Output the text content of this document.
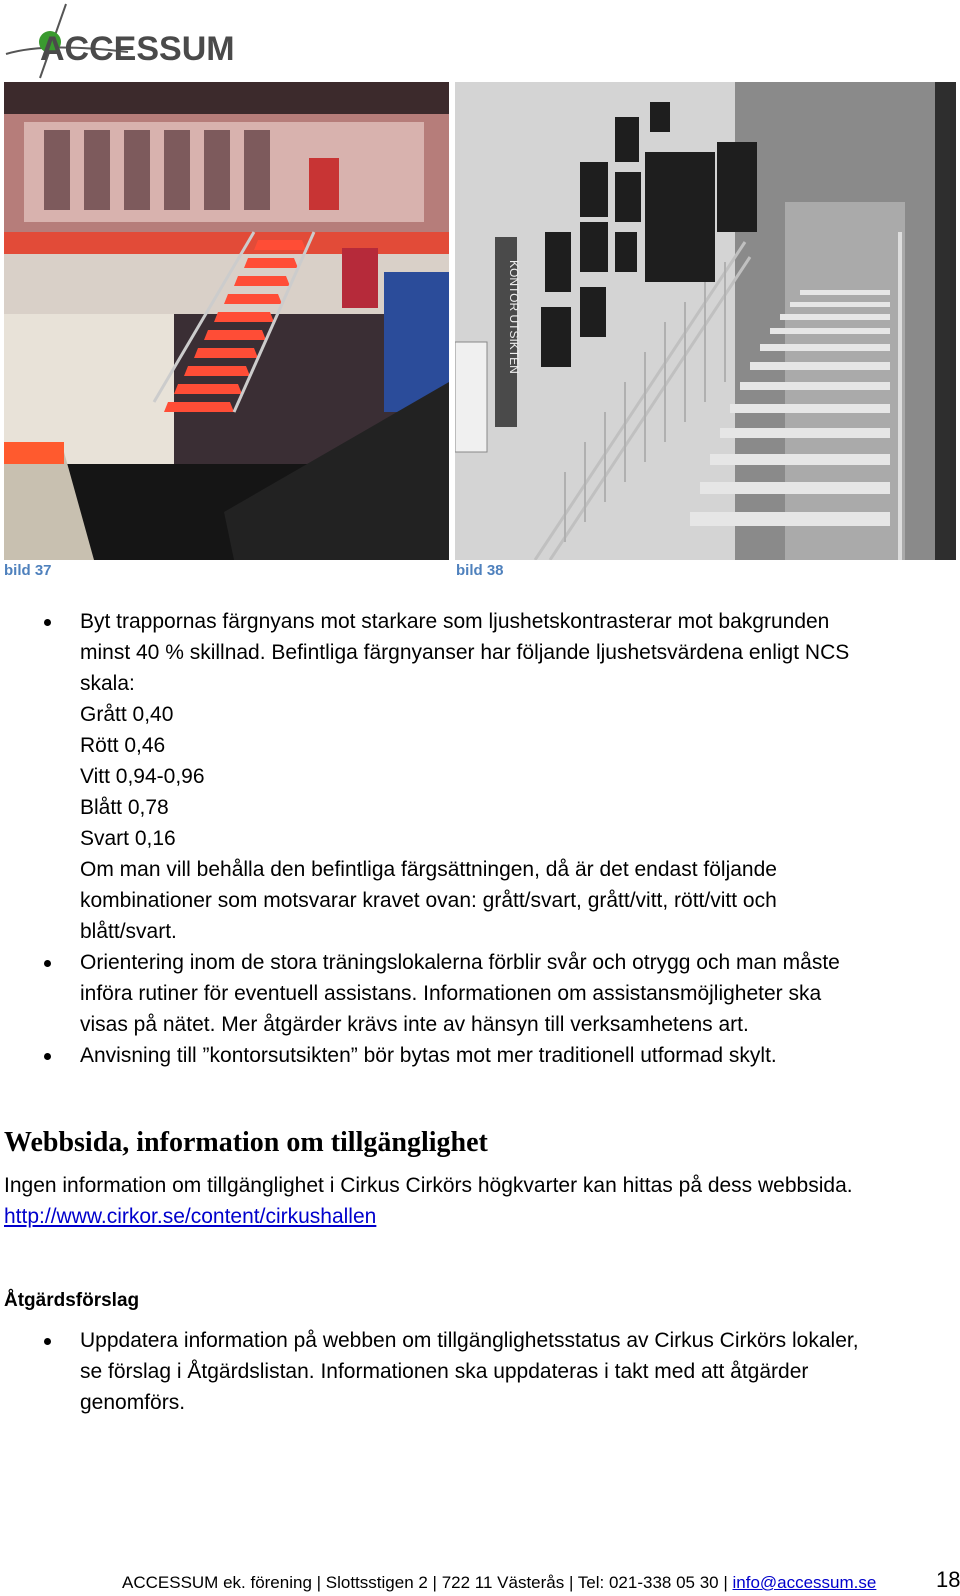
ACCESSUM
KONTOR UTSIKTEN
bild 37	bild 38
Byt trappornas färgnyans mot starkare som ljushetskontrasterar mot bakgrunden
minst 40 % skillnad. Befintliga färgnyanser har följande ljushetsvärdena enligt NCS
skala:
Grått 0,40
Rött 0,46
Vitt 0,94-0,96
Blått 0,78
Svart 0,16
Om man vill behålla den befintliga färgsättningen, då är det endast följande
kombinationer som motsvarar kravet ovan: grått/svart, grått/vitt, rött/vitt och
blått/svart.
Orientering inom de stora träningslokalerna förblir svår och otrygg och man måste
införa rutiner för eventuell assistans. Informationen om assistansmöjligheter ska
visas på nätet. Mer åtgärder krävs inte av hänsyn till verksamhetens art.
Anvisning till ”kontorsutsikten” bör bytas mot mer traditionell utformad skylt.
Webbsida, information om tillgänglighet
Ingen information om tillgänglighet i Cirkus Cirkörs högkvarter kan hittas på dess webbsida.
http://www.cirkor.se/content/cirkushallen
Åtgärdsförslag
Uppdatera information på webben om tillgänglighetsstatus av Cirkus Cirkörs lokaler,
se förslag i Åtgärdslistan. Informationen ska uppdateras i takt med att åtgärder
genomförs.
ACCESSUM ek. förening | Slottsstigen 2 | 722 11 Västerås | Tel: 021-338 05 30 | info@accessum.se	18
